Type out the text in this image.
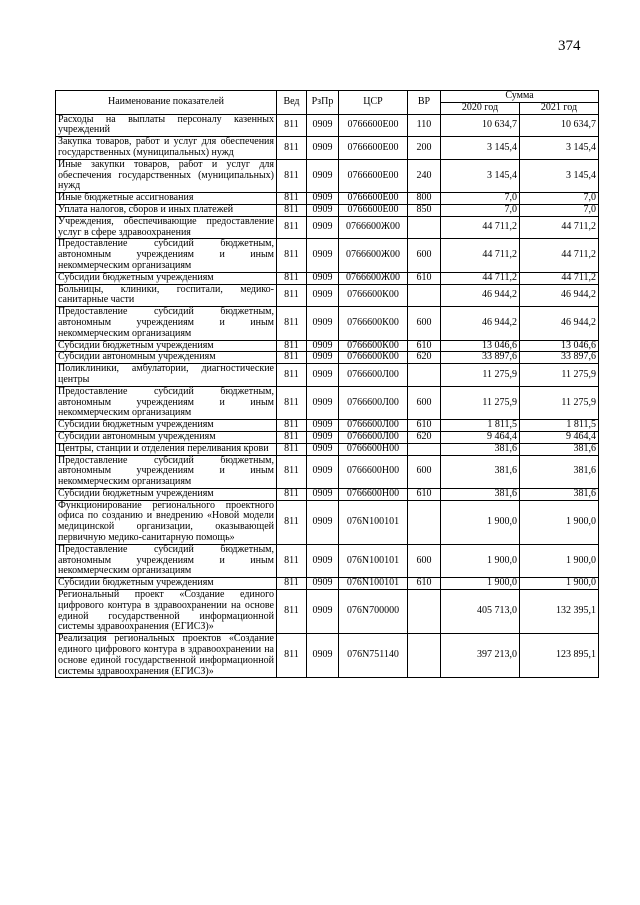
374
Наименование показателей	Вед	РзПр	ЦСР	ВР	Сумма	
					2020 год	2021 год
Расходы на выплаты персоналу казенных учреждений	811	0909	0766600Е00	110	10 634,7	10 634,7
Закупка товаров, работ и услуг для обеспечения государственных (муниципальных) нужд	811	0909	0766600Е00	200	3 145,4	3 145,4
Иные закупки товаров, работ и услуг для обеспечения государственных (муниципальных) нужд	811	0909	0766600Е00	240	3 145,4	3 145,4
Иные бюджетные ассигнования	811	0909	0766600Е00	800	7,0	7,0
Уплата налогов, сборов и иных платежей	811	0909	0766600Е00	850	7,0	7,0
Учреждения, обеспечивающие предоставление услуг в сфере здравоохранения	811	0909	0766600Ж00		44 711,2	44 711,2
Предоставление субсидий бюджетным, автономным учреждениям и иным некоммерческим организациям	811	0909	0766600Ж00	600	44 711,2	44 711,2
Субсидии бюджетным учреждениям	811	0909	0766600Ж00	610	44 711,2	44 711,2
Больницы, клиники, госпитали, медико-санитарные части	811	0909	0766600К00		46 944,2	46 944,2
Предоставление субсидий бюджетным, автономным учреждениям и иным некоммерческим организациям	811	0909	0766600К00	600	46 944,2	46 944,2
Субсидии бюджетным учреждениям	811	0909	0766600К00	610	13 046,6	13 046,6
Субсидии автономным учреждениям	811	0909	0766600К00	620	33 897,6	33 897,6
Поликлиники, амбулатории, диагностические центры	811	0909	0766600Л00		11 275,9	11 275,9
Предоставление субсидий бюджетным, автономным учреждениям и иным некоммерческим организациям	811	0909	0766600Л00	600	11 275,9	11 275,9
Субсидии бюджетным учреждениям	811	0909	0766600Л00	610	1 811,5	1 811,5
Субсидии автономным учреждениям	811	0909	0766600Л00	620	9 464,4	9 464,4
Центры, станции и отделения переливания крови	811	0909	0766600Н00		381,6	381,6
Предоставление субсидий бюджетным, автономным учреждениям и иным некоммерческим организациям	811	0909	0766600Н00	600	381,6	381,6
Субсидии бюджетным учреждениям	811	0909	0766600Н00	610	381,6	381,6
Функционирование регионального проектного офиса по созданию и внедрению «Новой модели медицинской организации, оказывающей первичную медико-санитарную помощь»	811	0909	076N100101		1 900,0	1 900,0
Предоставление субсидий бюджетным, автономным учреждениям и иным некоммерческим организациям	811	0909	076N100101	600	1 900,0	1 900,0
Субсидии бюджетным учреждениям	811	0909	076N100101	610	1 900,0	1 900,0
Региональный проект «Создание единого цифрового контура в здравоохранении на основе единой государственной информационной системы здравоохранения (ЕГИСЗ)»	811	0909	076N700000		405 713,0	132 395,1
Реализация региональных проектов «Создание единого цифрового контура в здравоохранении на основе единой государственной информационной системы здравоохранения (ЕГИСЗ)»	811	0909	076N751140		397 213,0	123 895,1
